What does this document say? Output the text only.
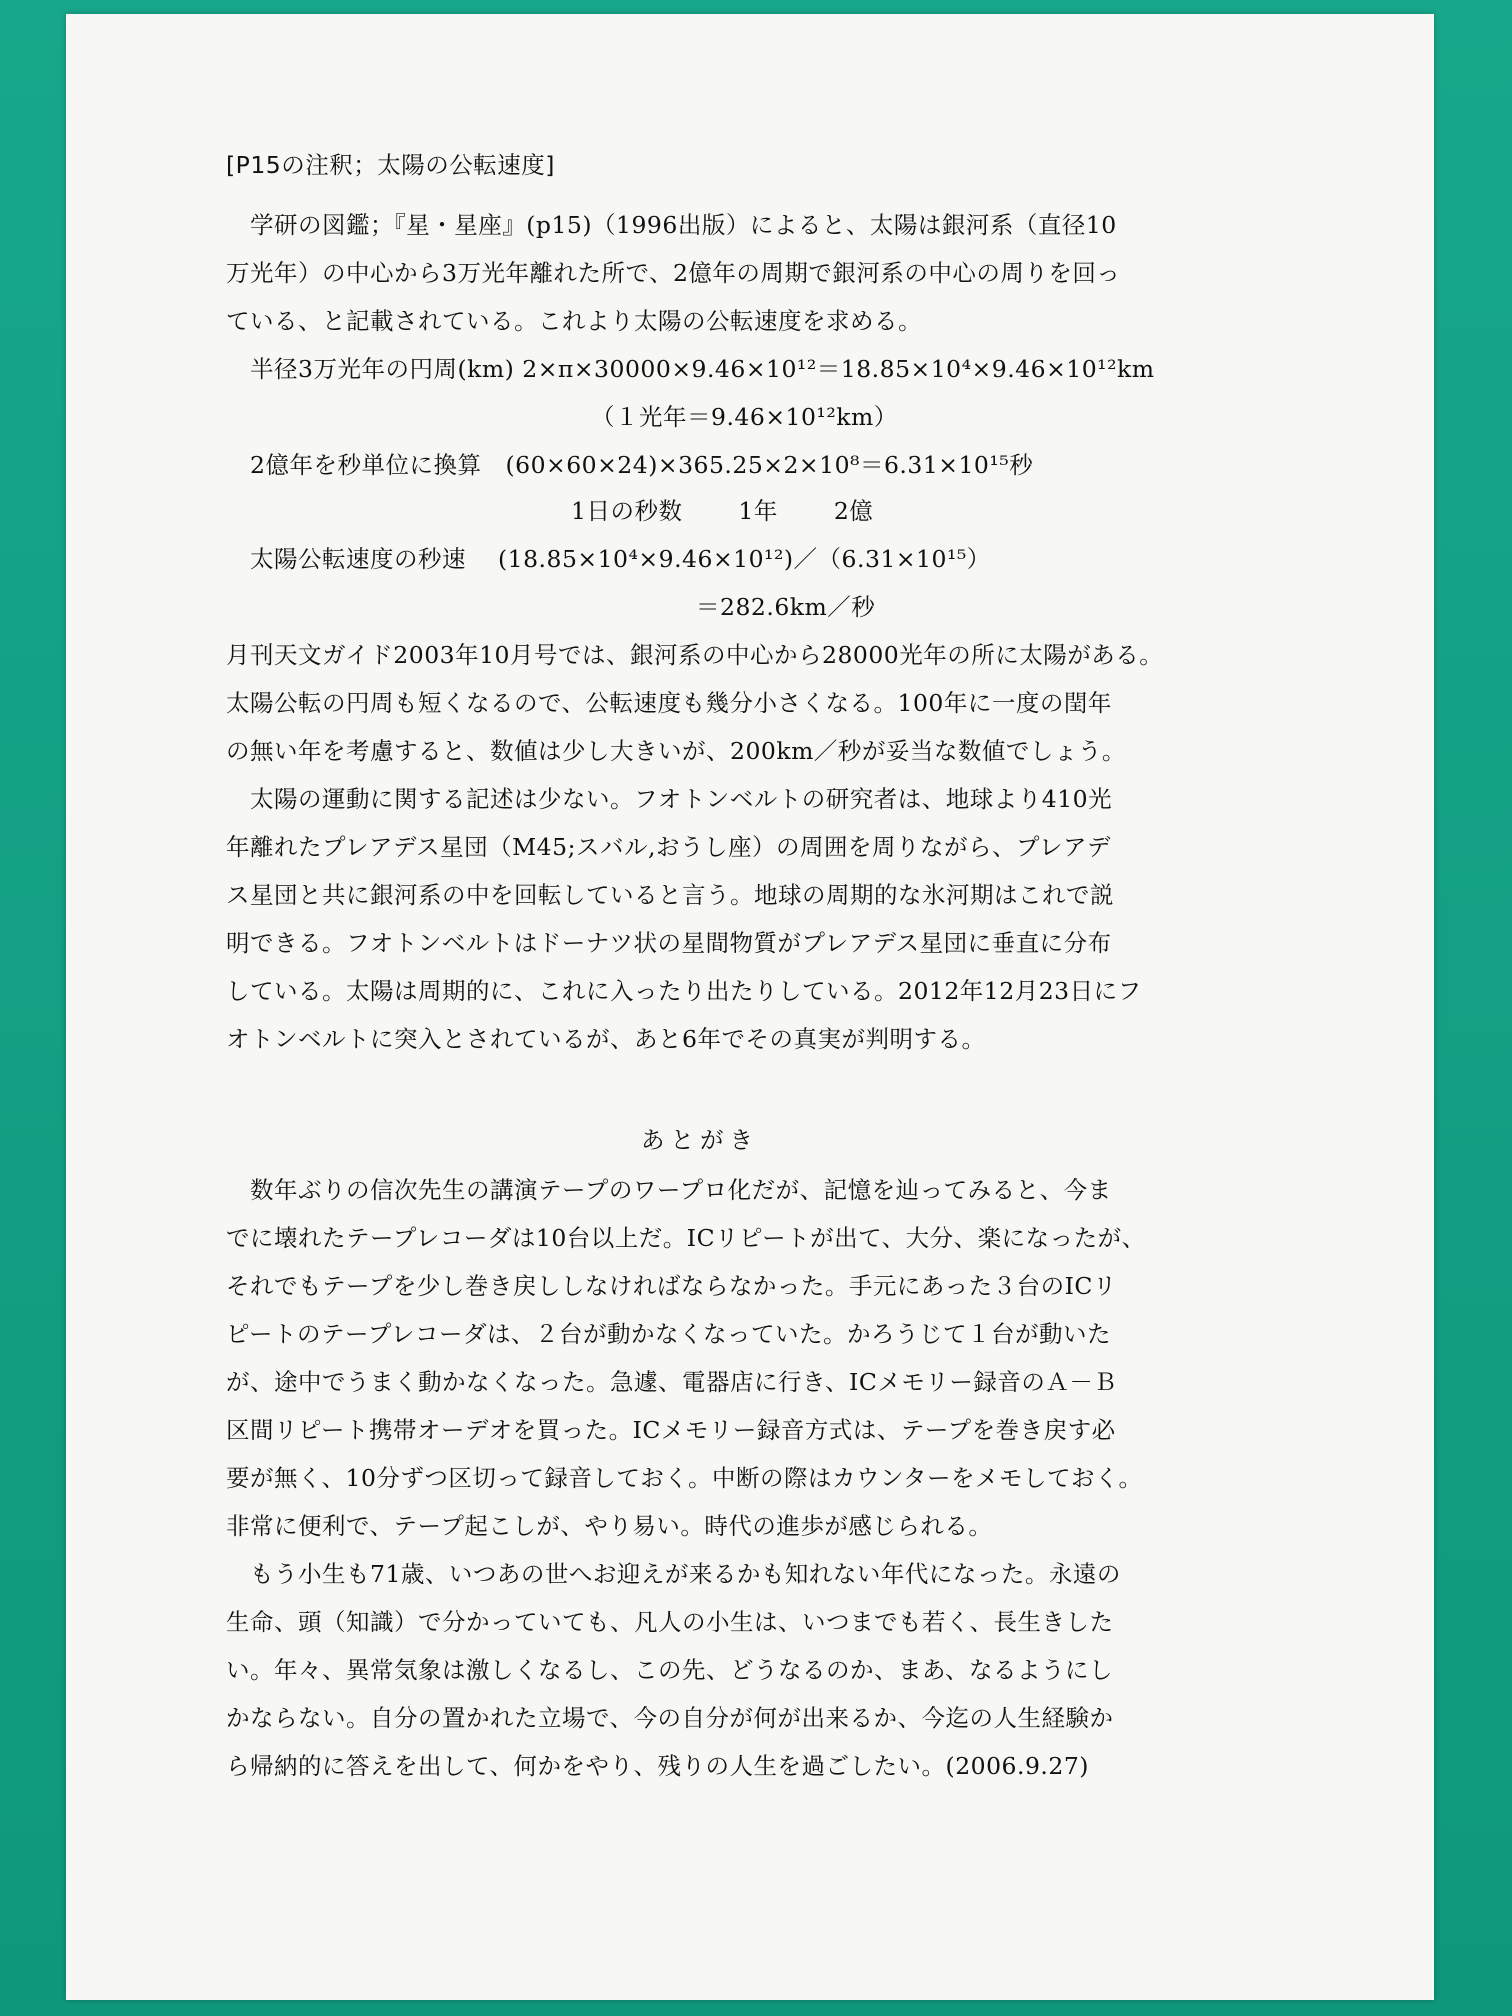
[P15の注釈；太陽の公転速度]
　学研の図鑑；『星・星座』(p15)（1996出版）によると、太陽は銀河系（直径10
万光年）の中心から3万光年離れた所で、2億年の周期で銀河系の中心の周りを回っ
ている、と記載されている。これより太陽の公転速度を求める。
　半径3万光年の円周(km) 2×π×30000×9.46×10¹²＝18.85×10⁴×9.46×10¹²km
（１光年＝9.46×10¹²km）
　2億年を秒単位に換算　(60×60×24)×365.25×2×10⁸＝6.31×10¹⁵秒
1日の秒数　　 1年　　 2億
　太陽公転速度の秒速　 (18.85×10⁴×9.46×10¹²)／（6.31×10¹⁵）
＝282.6km／秒
月刊天文ガイド2003年10月号では、銀河系の中心から28000光年の所に太陽がある。
太陽公転の円周も短くなるので、公転速度も幾分小さくなる。100年に一度の閏年
の無い年を考慮すると、数値は少し大きいが、200km／秒が妥当な数値でしょう。
　太陽の運動に関する記述は少ない。フオトンベルトの研究者は、地球より410光
年離れたプレアデス星団（M45;スバル,おうし座）の周囲を周りながら、プレアデ
ス星団と共に銀河系の中を回転していると言う。地球の周期的な氷河期はこれで説
明できる。フオトンベルトはドーナツ状の星間物質がプレアデス星団に垂直に分布
している。太陽は周期的に、これに入ったり出たりしている。2012年12月23日にフ
オトンベルトに突入とされているが、あと6年でその真実が判明する。
あとがき
　数年ぶりの信次先生の講演テープのワープロ化だが、記憶を辿ってみると、今ま
でに壊れたテープレコーダは10台以上だ。ICリピートが出て、大分、楽になったが、
それでもテープを少し巻き戻ししなければならなかった。手元にあった３台のICリ
ピートのテープレコーダは、２台が動かなくなっていた。かろうじて１台が動いた
が、途中でうまく動かなくなった。急遽、電器店に行き、ICメモリー録音のＡ－Ｂ
区間リピート携帯オーデオを買った。ICメモリー録音方式は、テープを巻き戻す必
要が無く、10分ずつ区切って録音しておく。中断の際はカウンターをメモしておく。
非常に便利で、テープ起こしが、やり易い。時代の進歩が感じられる。
　もう小生も71歳、いつあの世へお迎えが来るかも知れない年代になった。永遠の
生命、頭（知識）で分かっていても、凡人の小生は、いつまでも若く、長生きした
い。年々、異常気象は激しくなるし、この先、どうなるのか、まあ、なるようにし
かならない。自分の置かれた立場で、今の自分が何が出来るか、今迄の人生経験か
ら帰納的に答えを出して、何かをやり、残りの人生を過ごしたい。(2006.9.27)
